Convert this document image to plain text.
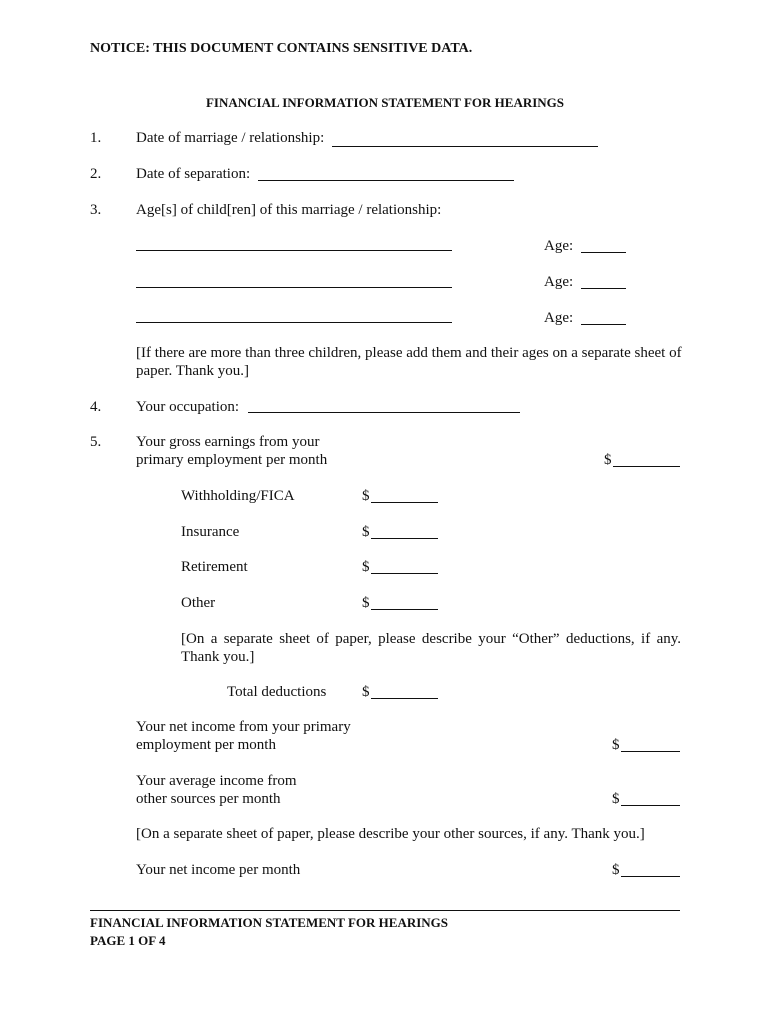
NOTICE: THIS DOCUMENT CONTAINS SENSITIVE DATA.
FINANCIAL INFORMATION STATEMENT FOR HEARINGS
1. Date of marriage / relationship:
2. Date of separation:
3. Age[s] of child[ren] of this marriage / relationship:
Age:
Age:
Age:
[If there are more than three children, please add them and their ages on a separate sheet of paper. Thank you.]
4. Your occupation:
5. Your gross earnings from your
primary employment per month	$
Withholding/FICA	$
Insurance	$
Retirement	$
Other	$
[On a separate sheet of paper, please describe your “Other” deductions, if any. Thank you.]
Total deductions $
Your net income from your primary
employment per month	$
Your average income from
other sources per month	$
[On a separate sheet of paper, please describe your other sources, if any. Thank you.]
Your net income per month	$
FINANCIAL INFORMATION STATEMENT FOR HEARINGS
PAGE 1 OF 4
